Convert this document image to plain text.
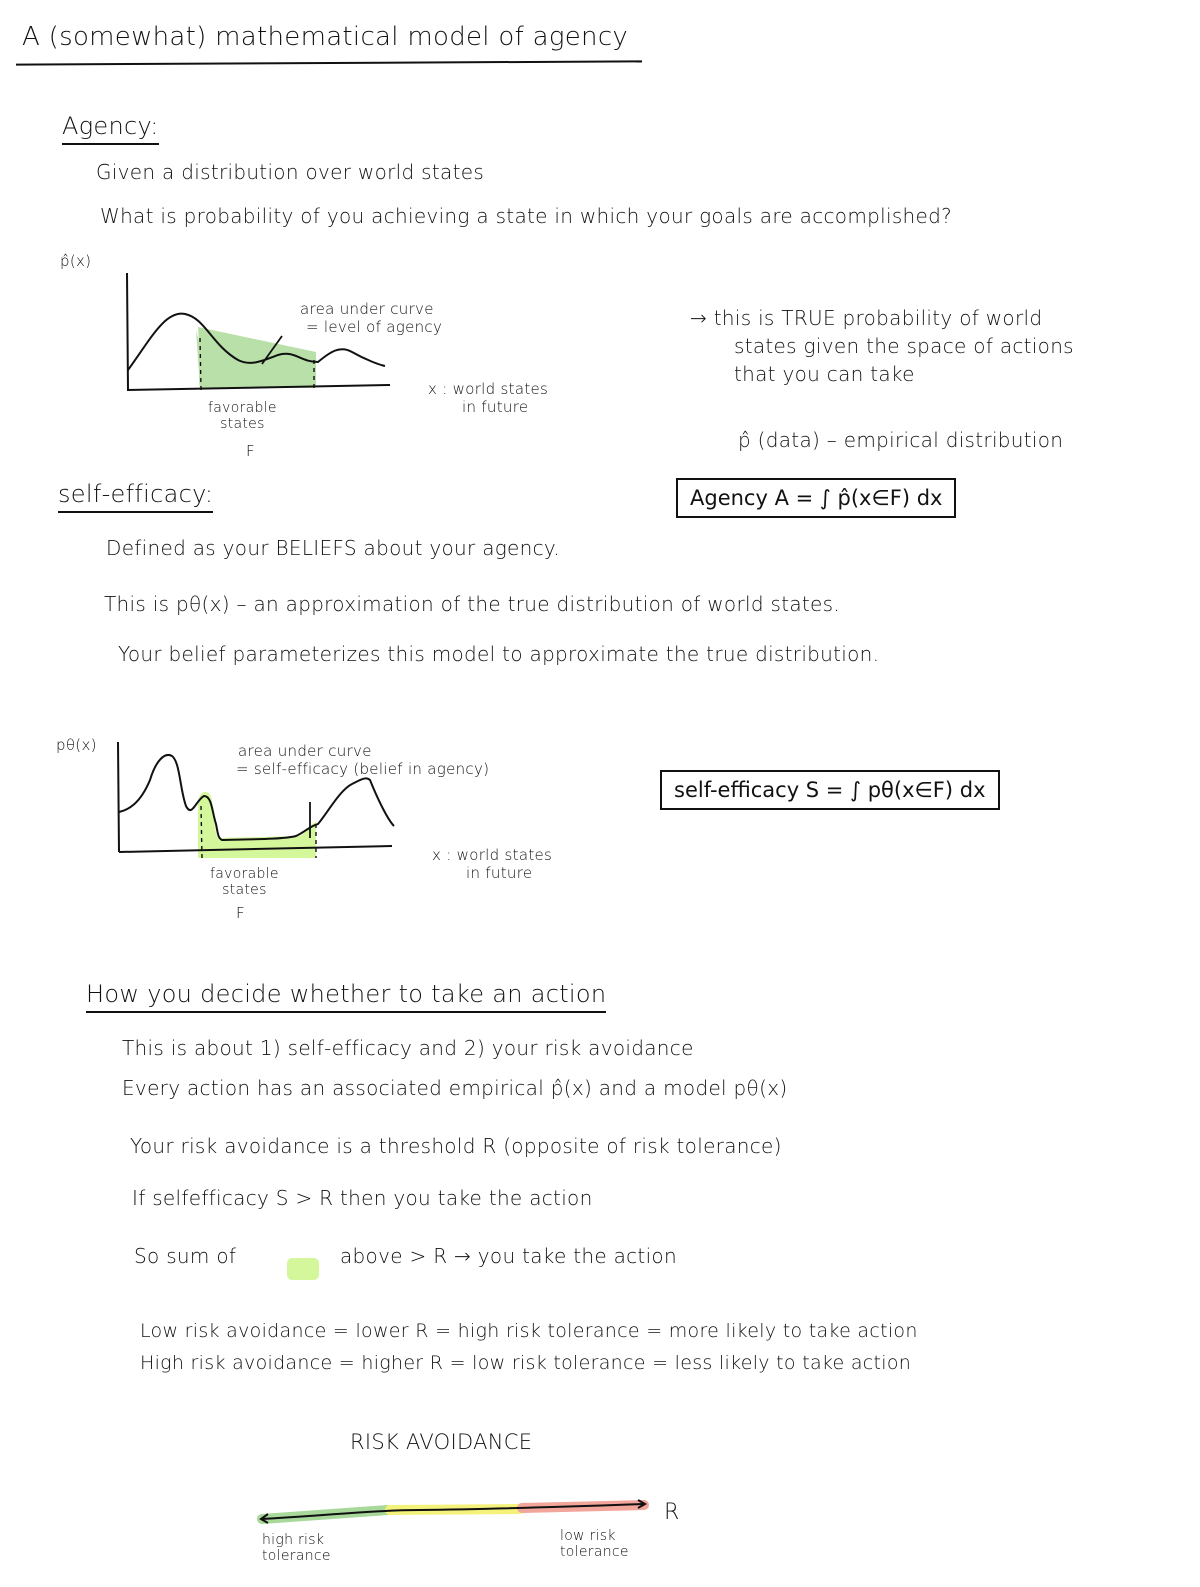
A (somewhat) mathematical model of agency
Agency:
Given a distribution over world states
What is probability of you achieving a state in which your goals are accomplished?
p̂(x)
area under curve
= level of agency
x : world states
in future
favorable
states
F
→ this is TRUE probability of world
states given the space of actions
that you can take
p̂ (data) – empirical distribution
Agency A = ∫ p̂(x∈F) dx
self-efficacy:
Defined as your BELIEFS about your agency.
This is pθ(x) – an approximation of the true distribution of world states.
Your belief parameterizes this model to approximate the true distribution.
pθ(x)	area under curve
= self-efficacy (belief in agency)
x : world states
in future
favorable
states
F
self-efficacy S = ∫ pθ(x∈F) dx
How you decide whether to take an action
This is about 1) self-efficacy and 2) your risk avoidance
Every action has an associated empirical p̂(x) and a model pθ(x)
Your risk avoidance is a threshold R (opposite of risk tolerance)
If selfefficacy S > R then you take the action
So sum of	above > R → you take the action
Low risk avoidance = lower R = high risk tolerance = more likely to take action
High risk avoidance = higher R = low risk tolerance = less likely to take action
RISK AVOIDANCE
R
high risk
tolerance
low risk
tolerance
